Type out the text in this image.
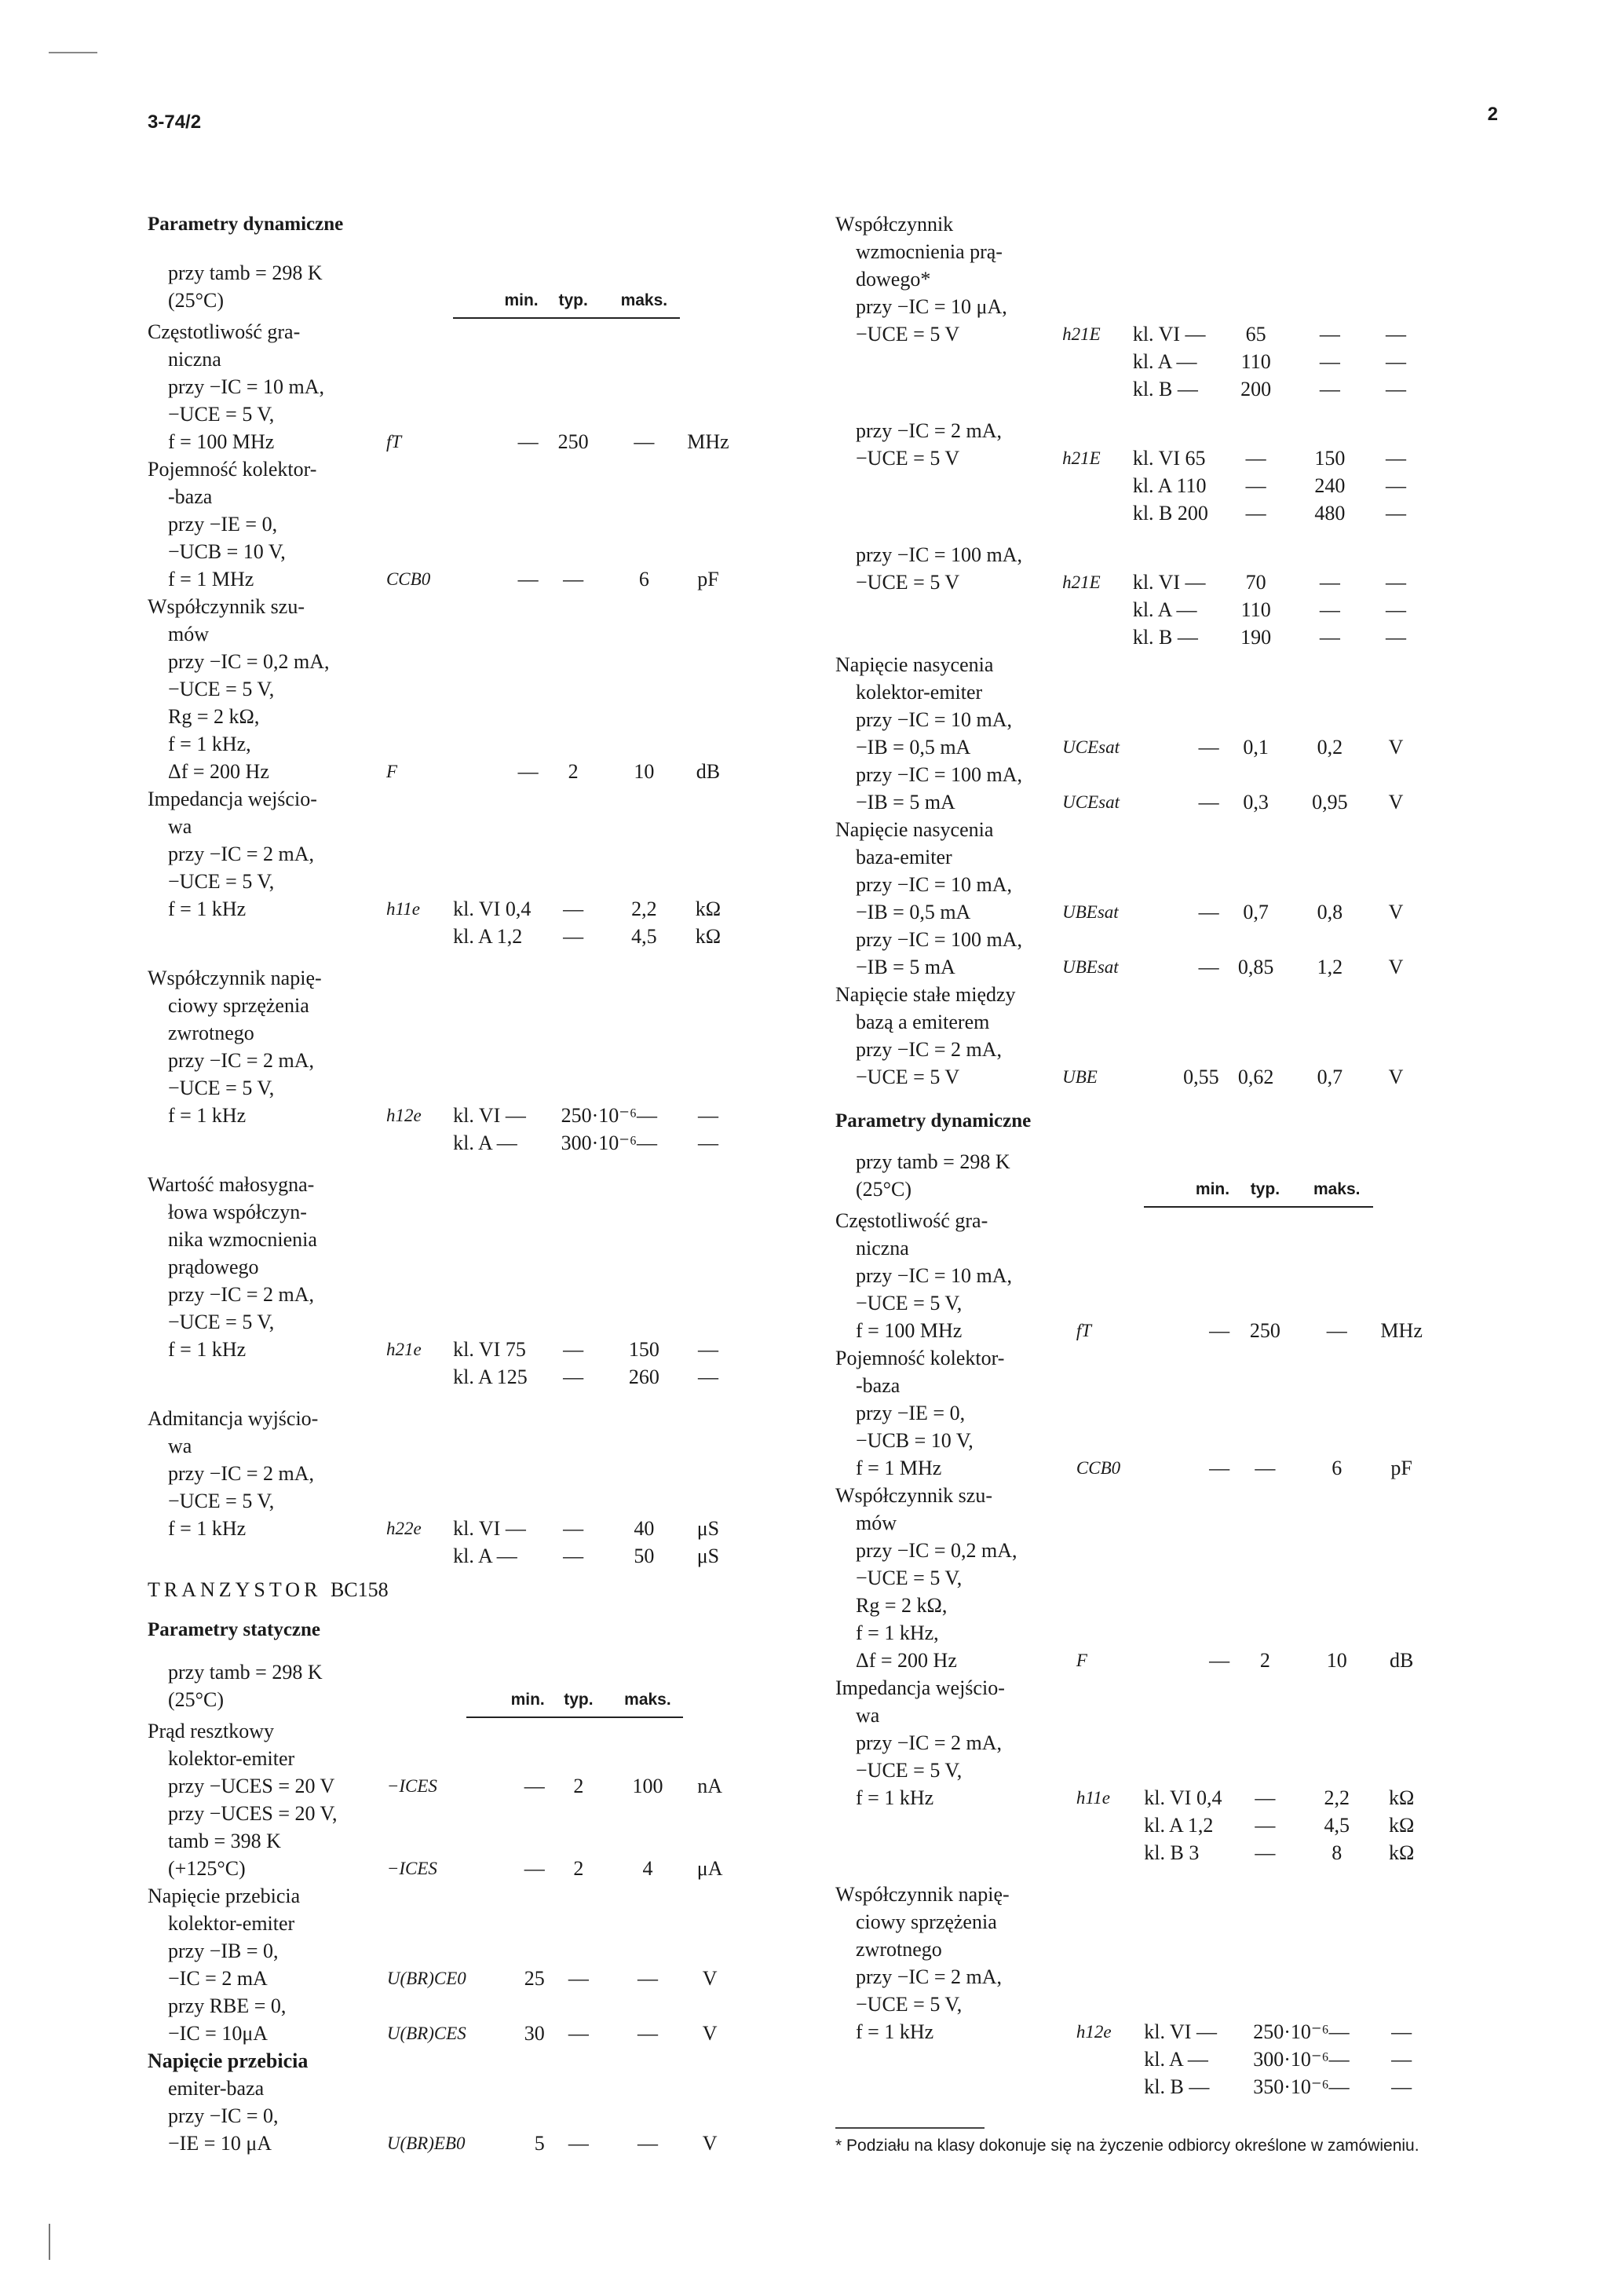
3-74/2	2
Parametry dynamiczne
przy tamb = 298 K						
(25°C)		min.	typ.	maks.		
Częstotliwość gra-						
niczna						
przy −IC = 10 mA,						
−UCE = 5 V,						
f = 100 MHz	fT	—	250	—	MHz	
Pojemność kolektor-						
-baza						
przy −IE = 0,						
−UCB = 10 V,						
f = 1 MHz	CCB0	—	—	6	pF	
Współczynnik szu-						
mów						
przy −IC = 0,2 mA,						
−UCE = 5 V,						
Rg = 2 kΩ,						
f = 1 kHz,						
Δf = 200 Hz	F	—	2	10	dB	
Impedancja wejścio-						
wa						
przy −IC = 2 mA,						
−UCE = 5 V,						
f = 1 kHz	h11e	kl. VI 0,4	—	2,2	kΩ	
		kl. A 1,2	—	4,5	kΩ	

Współczynnik napię-						
ciowy sprzężenia						
zwrotnego						
przy −IC = 2 mA,						
−UCE = 5 V,						
f = 1 kHz	h12e	kl. VI —	250·10⁻⁶—		—	
		kl. A —	300·10⁻⁶—		—	

Wartość małosygna-						
łowa współczyn-						
nika wzmocnienia						
prądowego						
przy −IC = 2 mA,						
−UCE = 5 V,						
f = 1 kHz	h21e	kl. VI 75	—	150	—	
		kl. A 125	—	260	—	

Admitancja wyjścio-						
wa						
przy −IC = 2 mA,						
−UCE = 5 V,						
f = 1 kHz	h22e	kl. VI —	—	40	μS	
		kl. A —	—	50	μS	
TRANZYSTOR BC158
Parametry statyczne
przy tamb = 298 K						
(25°C)		min.	typ.	maks.		
Prąd resztkowy						
kolektor-emiter						
przy −UCES = 20 V	−ICES	—	2	100	nA	
przy −UCES = 20 V,						
tamb = 398 K						
(+125°C)	−ICES	—	2	4	μA	
Napięcie przebicia						
kolektor-emiter						
przy −IB = 0,						
−IC = 2 mA	U(BR)CE0	25	—	—	V	
przy RBE = 0,						
−IC = 10μA	U(BR)CES	30	—	—	V	
Napięcie przebicia						
emiter-baza						
przy −IC = 0,						
−IE = 10 μA	U(BR)EB0	5	—	—	V	
Współczynnik						
wzmocnienia prą-						
dowego*						
przy −IC = 10 μA,						
−UCE = 5 V	h21E	kl. VI —	65	—	—	
		kl. A —	110	—	—	
		kl. B —	200	—	—	

przy −IC = 2 mA,						
−UCE = 5 V	h21E	kl. VI 65	—	150	—	
		kl. A 110	—	240	—	
		kl. B 200	—	480	—	

przy −IC = 100 mA,						
−UCE = 5 V	h21E	kl. VI —	70	—	—	
		kl. A —	110	—	—	
		kl. B —	190	—	—	
Napięcie nasycenia						
kolektor-emiter						
przy −IC = 10 mA,						
−IB = 0,5 mA	UCEsat	—	0,1	0,2	V	
przy −IC = 100 mA,						
−IB = 5 mA	UCEsat	—	0,3	0,95	V	
Napięcie nasycenia						
baza-emiter						
przy −IC = 10 mA,						
−IB = 0,5 mA	UBEsat	—	0,7	0,8	V	
przy −IC = 100 mA,						
−IB = 5 mA	UBEsat	—	0,85	1,2	V	
Napięcie stałe między						
bazą a emiterem						
przy −IC = 2 mA,						
−UCE = 5 V	UBE	0,55	0,62	0,7	V	
Parametry dynamiczne
przy tamb = 298 K						
(25°C)		min.	typ.	maks.		
Częstotliwość gra-						
niczna						
przy −IC = 10 mA,						
−UCE = 5 V,						
f = 100 MHz	fT	—	250	—	MHz	
Pojemność kolektor-						
-baza						
przy −IE = 0,						
−UCB = 10 V,						
f = 1 MHz	CCB0	—	—	6	pF	
Współczynnik szu-						
mów						
przy −IC = 0,2 mA,						
−UCE = 5 V,						
Rg = 2 kΩ,						
f = 1 kHz,						
Δf = 200 Hz	F	—	2	10	dB	
Impedancja wejścio-						
wa						
przy −IC = 2 mA,						
−UCE = 5 V,						
f = 1 kHz	h11e	kl. VI 0,4	—	2,2	kΩ	
		kl. A 1,2	—	4,5	kΩ	
		kl. B 3	—	8	kΩ	

Współczynnik napię-						
ciowy sprzężenia						
zwrotnego						
przy −IC = 2 mA,						
−UCE = 5 V,						
f = 1 kHz	h12e	kl. VI —	250·10⁻⁶—		—	
		kl. A —	300·10⁻⁶—		—	
		kl. B —	350·10⁻⁶—		—	
* Podziału na klasy dokonuje się na życzenie odbiorcy określone w zamówieniu.
